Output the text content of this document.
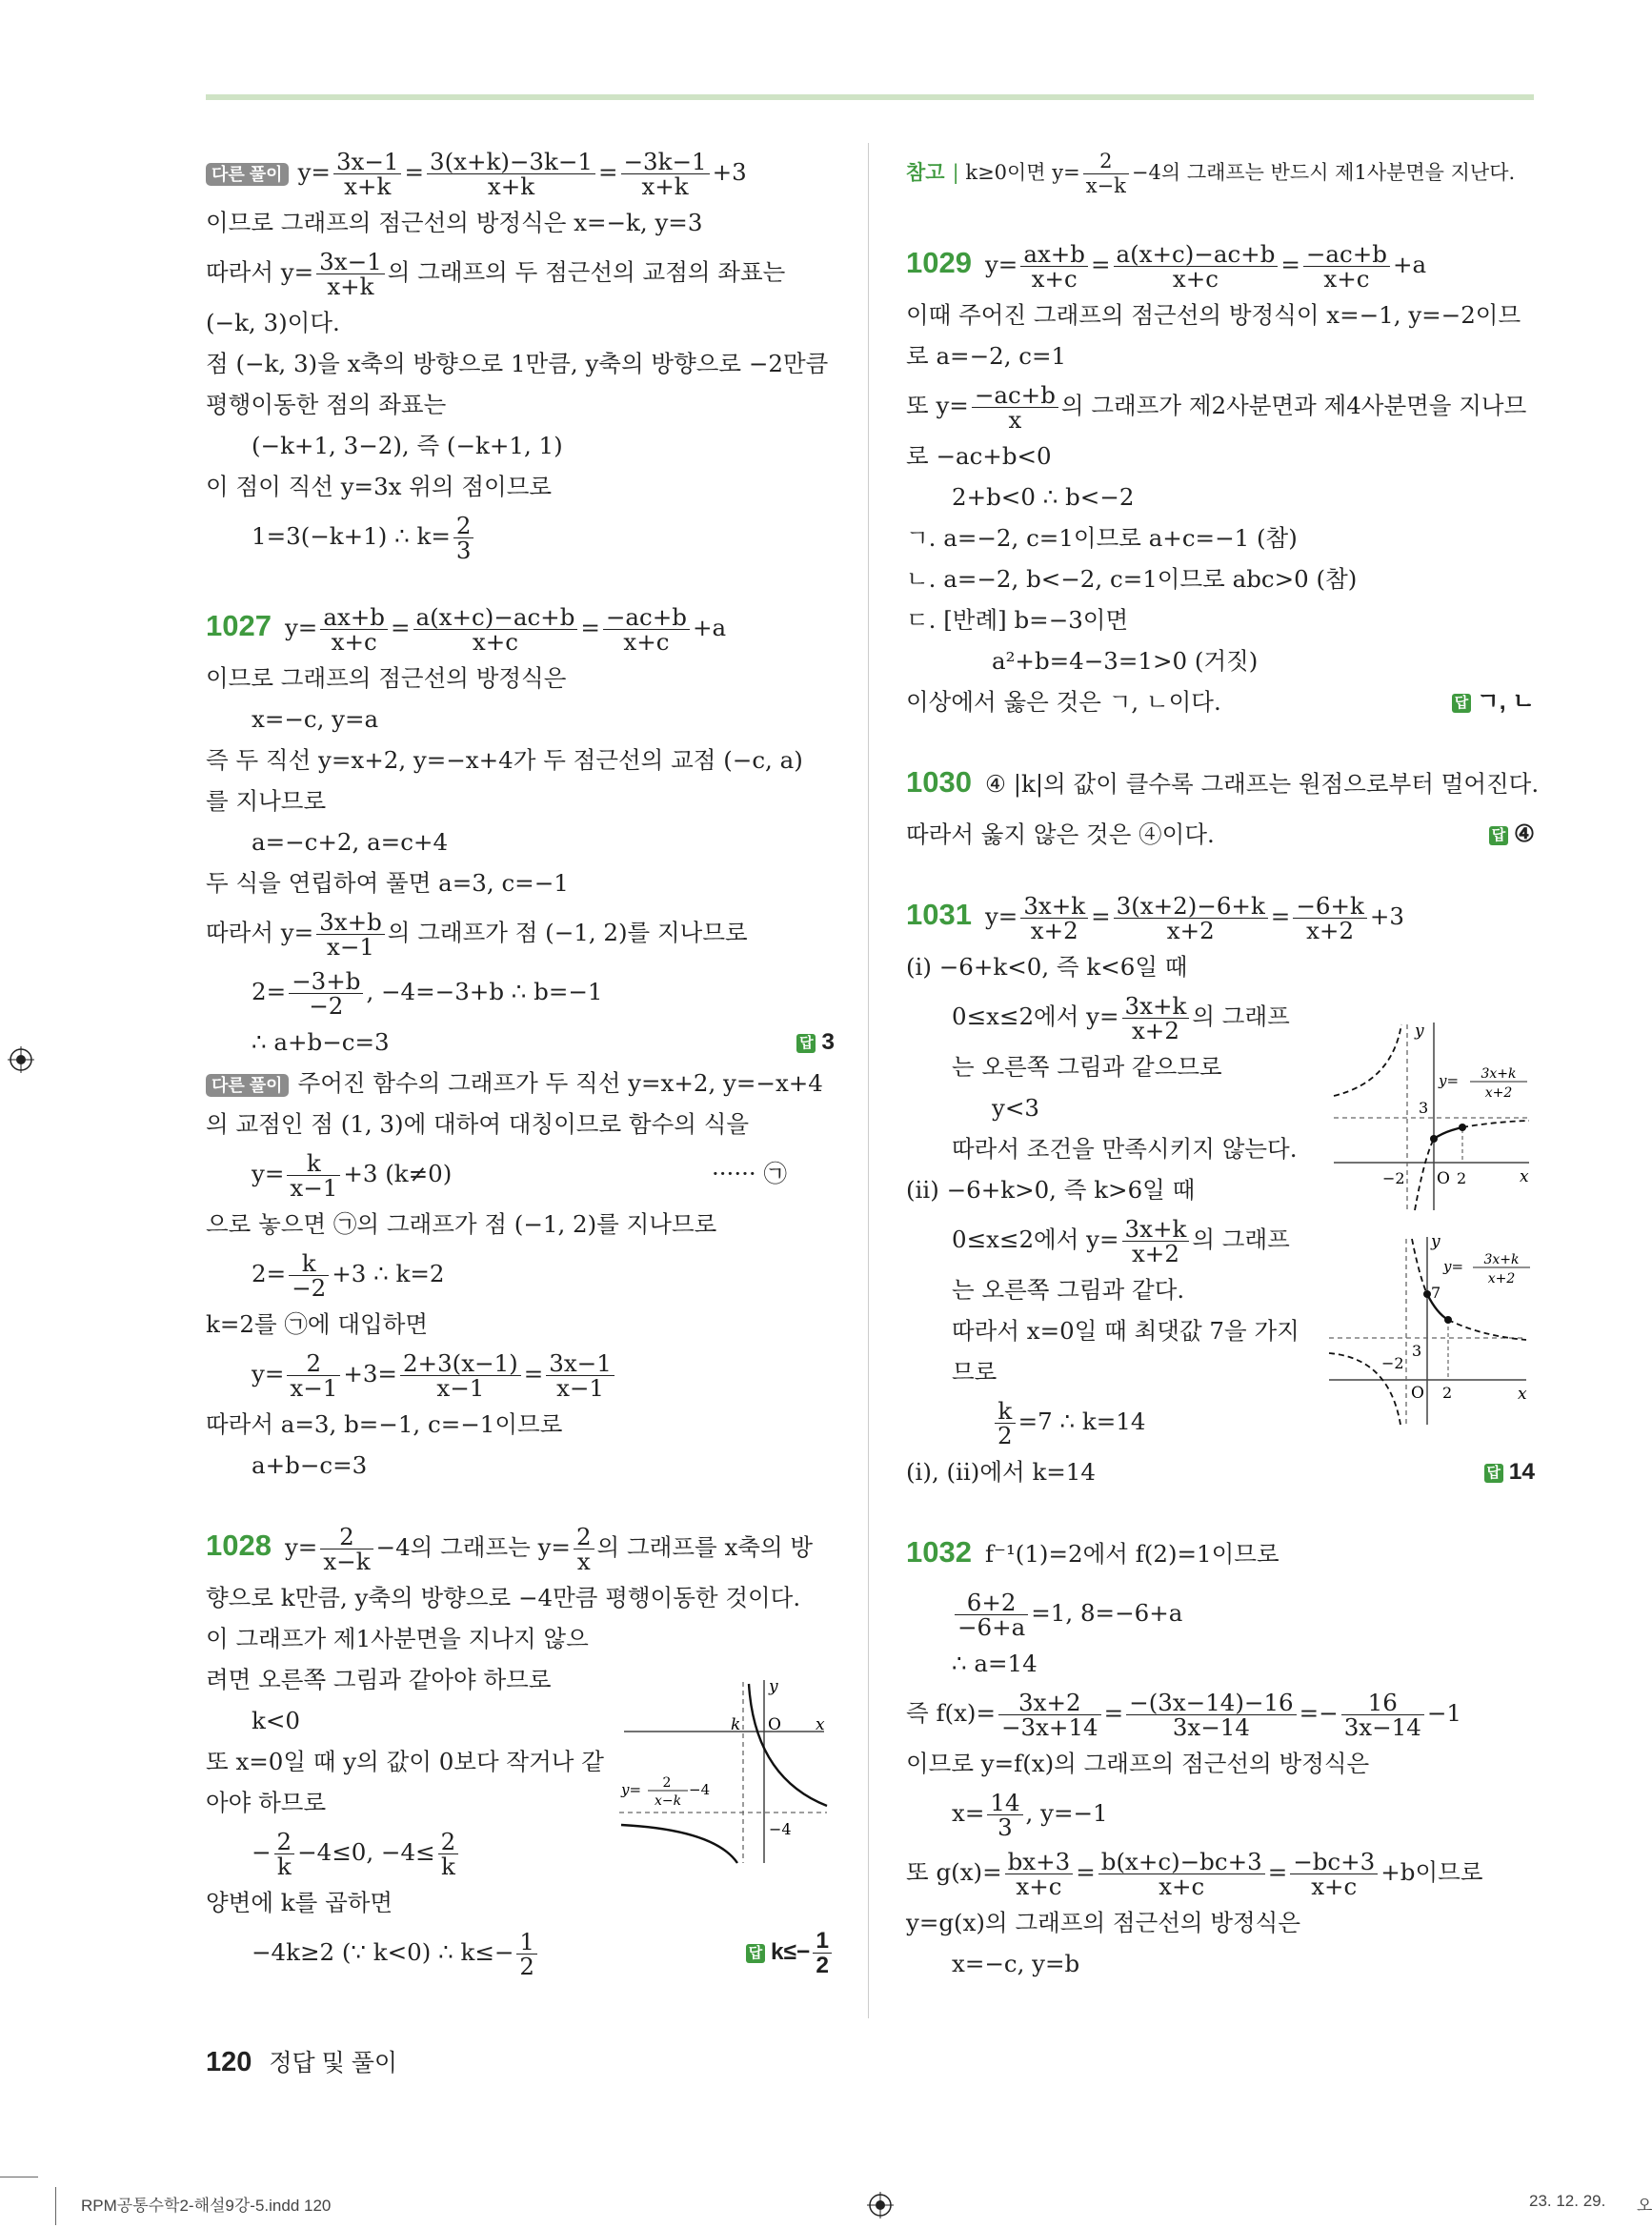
다른 풀이 $y= \frac{3x-1}{x+k} = \frac{3(x+k)-3k-1}{x+k} = \frac{-3k-1}{x+k} +3$
이므로 그래프의 점근선의 방정식은 x=−k, y=3
따라서 $y= \frac{3x-1}{x+k}$ 의 그래프의 두 점근선의 교점의 좌표는
(−k, 3)이다.
점 (−k, 3)을 x축의 방향으로 1만큼, y축의 방향으로 −2만큼
평행이동한 점의 좌표는
(−k+1, 3−2), 즉 (−k+1, 1)
이 점이 직선 y=3x 위의 점이므로
1=3(−k+1) ∴ $k= \frac{2}{3}$
1027 $y= \frac{ax+b}{x+c} = \frac{a(x+c)-ac+b}{x+c} = \frac{-ac+b}{x+c} +a$
이므로 그래프의 점근선의 방정식은
x=−c, y=a
즉 두 직선 y=x+2, y=−x+4가 두 점근선의 교점 (−c, a)
를 지나므로
a=−c+2, a=c+4
두 식을 연립하여 풀면 a=3, c=−1
따라서 $y= \frac{3x+b}{x-1}$ 의 그래프가 점 (−1, 2)를 지나므로
$2= \frac{-3+b}{-2}$ , −4=−3+b ∴ b=−1
∴ a+b−c=3	답 3
다른 풀이 주어진 함수의 그래프가 두 직선 y=x+2, y=−x+4
의 교점인 점 (1, 3)에 대하여 대칭이므로 함수의 식을
$y= \frac{k}{x-1} +3$ (k≠0)	······ ㉠
으로 놓으면 ㉠의 그래프가 점 (−1, 2)를 지나므로
$2= \frac{k}{-2} +3$ ∴ k=2
k=2를 ㉠에 대입하면
$y= \frac{2}{x-1} +3= \frac{2+3(x-1)}{x-1} = \frac{3x-1}{x-1}$
따라서 a=3, b=−1, c=−1이므로
a+b−c=3
1028 $y= \frac{2}{x-k} -4$의 그래프는 $y= \frac{2}{x}$ 의 그래프를 x축의 방
향으로 k만큼, y축의 방향으로 −4만큼 평행이동한 것이다.
이 그래프가 제1사분면을 지나지 않으
려면 오른쪽 그림과 같아야 하므로
k<0
또 x=0일 때 y의 값이 0보다 작거나 같
아야 하므로
− $\frac{2}{k} -4\le 0$, $-4\le \frac{2}{k}$
양변에 k를 곱하면
−4k≥2 (∵ k<0) ∴ $k\le- \frac{1}{2}$	답 $k\le- \frac{1}{2}$
k O x
y
−4
y= 2
x−k
−4
참고 | k≥0이면 $y= \frac{2}{x-k} -4$의 그래프는 반드시 제1사분면을 지난다.
1029 $y= \frac{ax+b}{x+c} = \frac{a(x+c)-ac+b}{x+c} = \frac{-ac+b}{x+c} +a$
이때 주어진 그래프의 점근선의 방정식이 x=−1, y=−2이므
로 a=−2, c=1
또 $y= \frac{-ac+b}{x}$ 의 그래프가 제2사분면과 제4사분면을 지나므
로 −ac+b<0
2+b<0 ∴ b<−2
ㄱ. a=−2, c=1이므로 a+c=−1 (참)
ㄴ. a=−2, b<−2, c=1이므로 abc>0 (참)
ㄷ. [반례] b=−3이면
a²+b=4−3=1>0 (거짓)
이상에서 옳은 것은 ㄱ, ㄴ이다.	답 ㄱ, ㄴ
1030 ④ |k|의 값이 클수록 그래프는 원점으로부터 멀어진다.
따라서 옳지 않은 것은 ④이다.	답 ④
1031 $y= \frac{3x+k}{x+2} = \frac{3(x+2)-6+k}{x+2} = \frac{-6+k}{x+2} +3$
(ⅰ) −6+k<0, 즉 k<6일 때
0≤x≤2에서 $y= \frac{3x+k}{x+2}$ 의 그래프
는 오른쪽 그림과 같으므로
y<3
따라서 조건을 만족시키지 않는다.
(ⅱ) −6+k>0, 즉 k>6일 때
0≤x≤2에서 $y= \frac{3x+k}{x+2}$ 의 그래프
는 오른쪽 그림과 같다.
따라서 x=0일 때 최댓값 7을 가지
므로
$\frac{k}{2} =7$ ∴ k=14
(ⅰ), (ⅱ)에서 k=14	답 14
1032 f⁻¹(1)=2에서 f(2)=1이므로
$\frac{6+2}{-6+a} =1$, 8=−6+a
∴ a=14
즉 $f(x)= \frac{3x+2}{-3x+14} = \frac{-(3x-14)-16}{3x-14} =- \frac{16}{3x-14} -1$
이므로 y=f(x)의 그래프의 점근선의 방정식은
$x= \frac{14}{3}$ , y=−1
또 $g(x)= \frac{bx+3}{x+c} = \frac{b(x+c)-bc+3}{x+c} = \frac{-bc+3}{x+c} +b$이므로
y=g(x)의 그래프의 점근선의 방정식은
x=−c, y=b
y
x
O
−2	2
3
y= 3x+k
x+2
y
x
O
−2
2
3
7
y= 3x+k
x+2
120 정답 및 풀이
RPM공통수학2-해설9강-5.indd 120	23. 12. 29. 오
